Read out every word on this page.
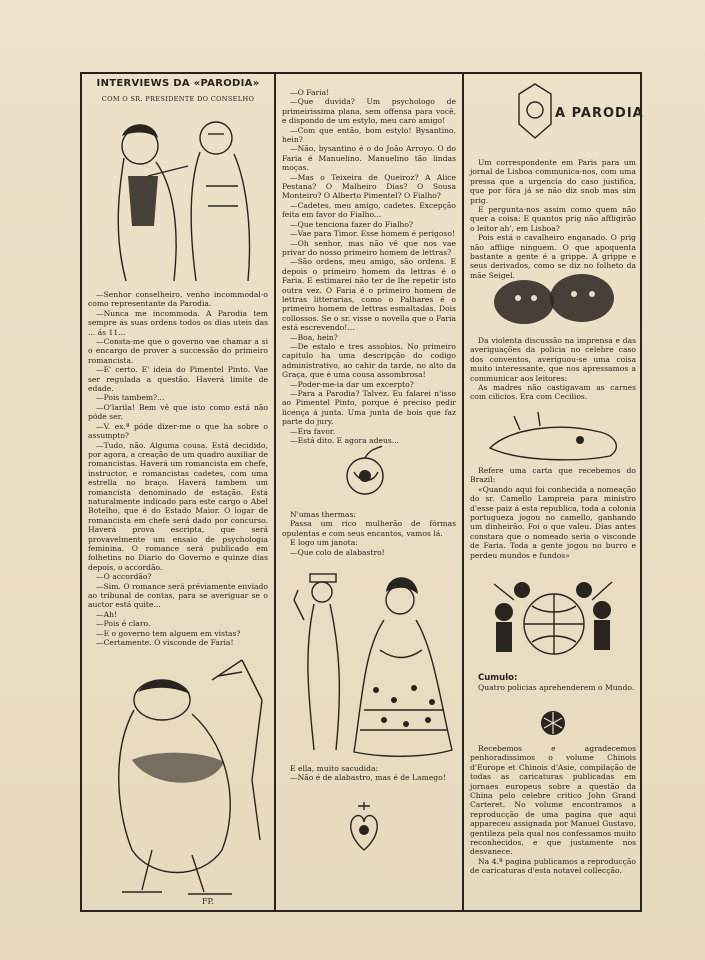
INTERVIEWS DA «PARODIA»
COM O SR. PRESIDENTE DO CONSELHO

—Senhor conselheiro, venho incommodal-o como representante da Parodia.

—Nunca me incommoda. A Parodia tem sempre ás suas ordens todos os dias uteis das ... ás 11...

—Consta-me que o governo vae chamar a si o encargo de prover a successão do primeiro romancista.

—E' certo. E' ideia do Pimentel Pinto. Vae ser regulada a questão. Haverá limite de edade.

—Pois tambem?...

—O'larila! Bem vê que isto como está não póde ser.

—V. ex.ª póde dizer-me o que ha sobre o assumpto?

—Tudo, não. Alguma cousa. Está decidido, por agora, a creação de um quadro auxiliar de romancistas. Haverá um romancista em chefe, instructor, e romancistas cadetes, com uma estrella no braço. Haverá tambem um romancista denominado de estação. Está naturalmente indicado para este cargo o Abel Botelho, que é do Estado Maior. O logar de romancista em chefe será dado por concurso. Haverá prova escripta, que será provavelmente um ensaio de psychologia feminina. O romance será publicado em folhetins no Diario do Governo e quinze dias depois, o accordão.

—O accordão?

—Sim. O romance será préviamente enviado ao tribunal de contas, para se averiguar se o auctor está quite...

—Ah!

—Pois é claro.

—E o governo tem alguem em vistas?

—Certamente. O visconde de Faria!

FP.

—O Faria!

—Que duvida? Um psychologo de primeirissima plana, sem offensa para você, e dispondo de um estylo, meu caro amigo!

—Com que então, bom estylo! Bysantino, hein?

—Não, bysantino é o do João Arroyo. O do Faria é Manuelino. Manuelino tão lindas moças.

—Mas o Teixeira de Queiroz? A Alice Pestana? O Malheiro Dias? O Sousa Monteiro? O Alberto Pimentel? O Fialho?

—Cadetes, meu amigo, cadetes. Excepção feita em favor do Fialho...

—Que tenciona fazer do Fialho?

—Vae para Timor. Esse homem é perigoso!

—Oh senhor, mas não vê que nos vae privar do nosso primeiro homem de lettras?

—São ordens, meu amigo, são ordens. E depois o primeiro homem da lettras é o Faria. E estimarei não ter de lhe repetir isto outra vez. O Faria é o primeiro homem de lettras litterarias, como o Palhares é o primeiro homem de lettras esmaltadas. Dois collossos. Se o sr. visse o novella que o Faria está escrevendo!...

—Boa, hein?

—De estalo e tres assobios. No primeiro capitulo ha uma descripção do codigo administrativo, ao cahir da tarde, no alto da Graça, que é uma cousa assombrosa!

—Poder-me-ia dar um excerpto?

—Para a Parodia? Talvez. Eu falarei n'isso ao Pimentel Pinto, porque é preciso pedir licença á junta. Uma junta de bois que faz parte do jury.

—Era favor.

—Está dito. E agora adeus...

N'umas thermas:

Passa um rico mulherão de fórmas opulentas e com seus encantos, vamos lá.

E logo um janota:

—Que colo de alabastro!

E ella, muito sacudida:

—Não é de alabastro, mas é de Lamego!

A PARODIA

Um correspondente em Paris para um jornal de Lisboa communica-nos, com uma pressa que a urgencia do caso justifica, que por fóra já se não diz snob mas sim prig.

E pergunta-nos assim como quem não quer a coisa: E quantos prig não affligirão o leitor ah', em Lisboa?

Pois está o cavalheiro enganado. O prig não afflige ninguem. O que apoquenta bastante a gente é a grippe. A grippe e seus derivados, como se diz no folheto da mãe Seigel.

Da violenta discussão na imprensa e das averiguações da policia no celebre caso dos conventos, averiguou-se uma coisa muito interessante, que nos apressamos a communicar aos leitores:

As madres não castigavam as carnes com cilicios. Era com Cecilios.

Refere uma carta que recebemos do Brazil:

«Quando aqui foi conhecida a nomeação do sr. Camello Lampreia para ministro d'esse paiz á esta republica, toda a colonia portugueza jogou no camello, ganhando um dinheirão. Foi o que valeu. Dias antes constara que o nomeado seria o visconde de Faria. Toda a gente jogou no burro e perdeu mundos e fundos»

Cumulo:

Quatro policias aprehenderem o Mundo.

Recebemos e agradecemos penhoradissimos o volume Chinois d'Europe et Chinois d'Asie, compilação de todas as caricaturas publicadas em jornaes europeus sobre a questão da China pelo celebre critico John Grand Carteret. No volume encontramos a reproducção de uma pagina que aqui appareceu assignada por Manuel Gustavo, gentileza pela qual nos confessamos muito reconhecidos, e que justamente nos desvanece.

Na 4.ª pagina publicamos a reproducção de caricaturas d'esta notavel collecção.
